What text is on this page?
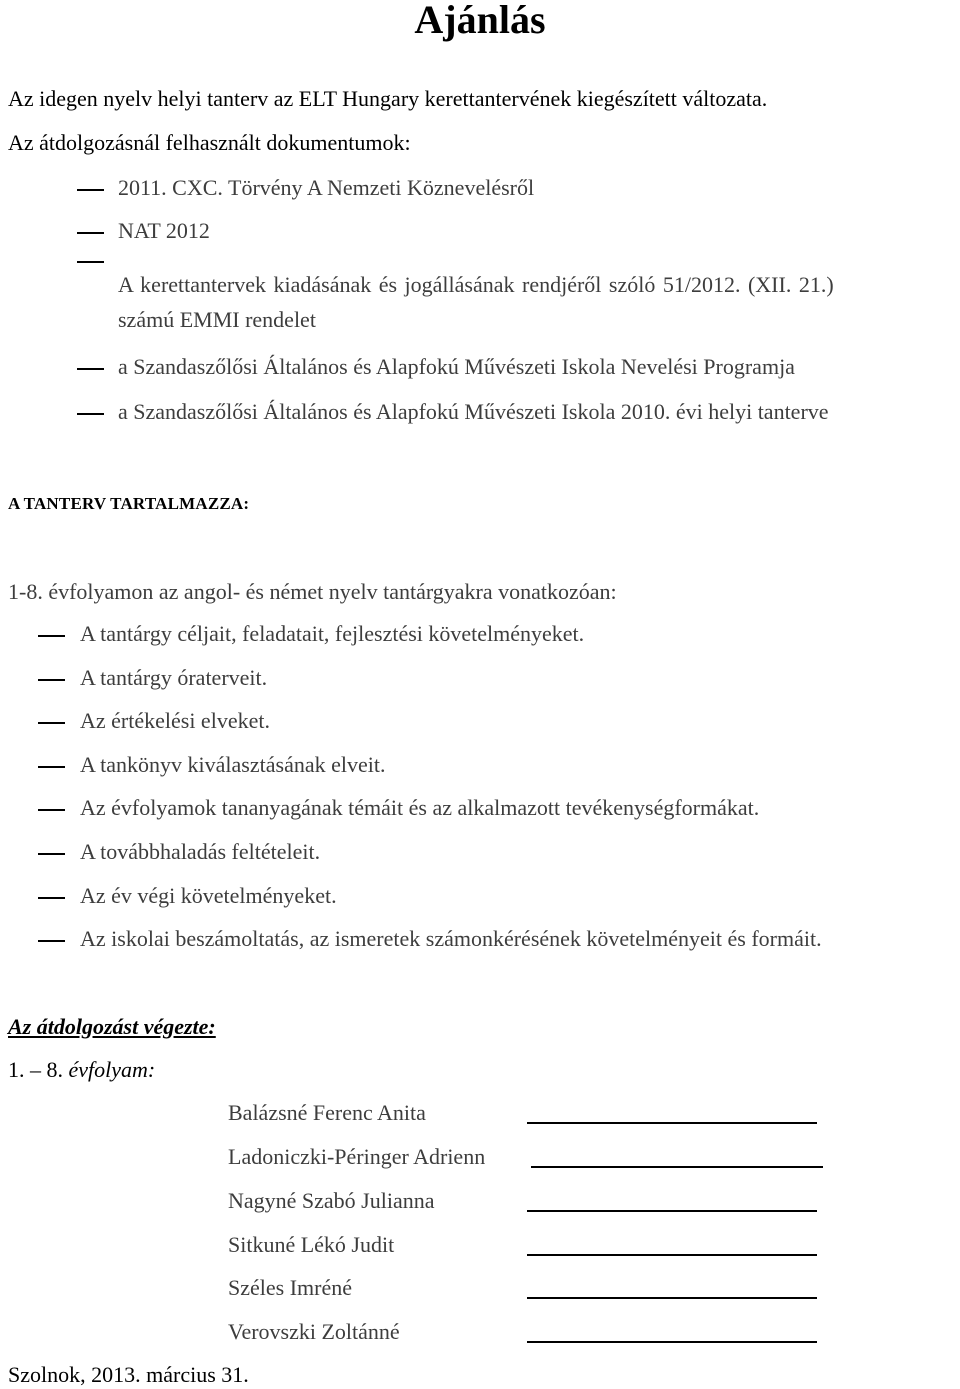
Ajánlás
Az idegen nyelv helyi tanterv az ELT Hungary kerettantervének kiegészített változata.
Az átdolgozásnál felhasznált dokumentumok:
2011. CXC. Törvény A Nemzeti Köznevelésről
NAT 2012
A kerettantervek kiadásának és jogállásának rendjéről szóló 51/2012. (XII. 21.)
számú EMMI rendelet
a Szandaszőlősi Általános és Alapfokú Művészeti Iskola Nevelési Programja
a Szandaszőlősi Általános és Alapfokú Művészeti Iskola 2010. évi helyi tanterve
A TANTERV TARTALMAZZA:
1-8. évfolyamon az angol- és német nyelv tantárgyakra vonatkozóan:
A tantárgy céljait, feladatait, fejlesztési követelményeket.
A tantárgy óraterveit.
Az értékelési elveket.
A tankönyv kiválasztásának elveit.
Az évfolyamok tananyagának témáit és az alkalmazott tevékenységformákat.
A továbbhaladás feltételeit.
Az év végi követelményeket.
Az iskolai beszámoltatás, az ismeretek számonkérésének követelményeit és formáit.
Az átdolgozást végezte:
1. – 8. évfolyam:
Balázsné Ferenc Anita
Ladoniczki-Péringer Adrienn
Nagyné Szabó Julianna
Sitkuné Lékó Judit
Széles Imréné
Verovszki Zoltánné
Szolnok, 2013. március 31.
